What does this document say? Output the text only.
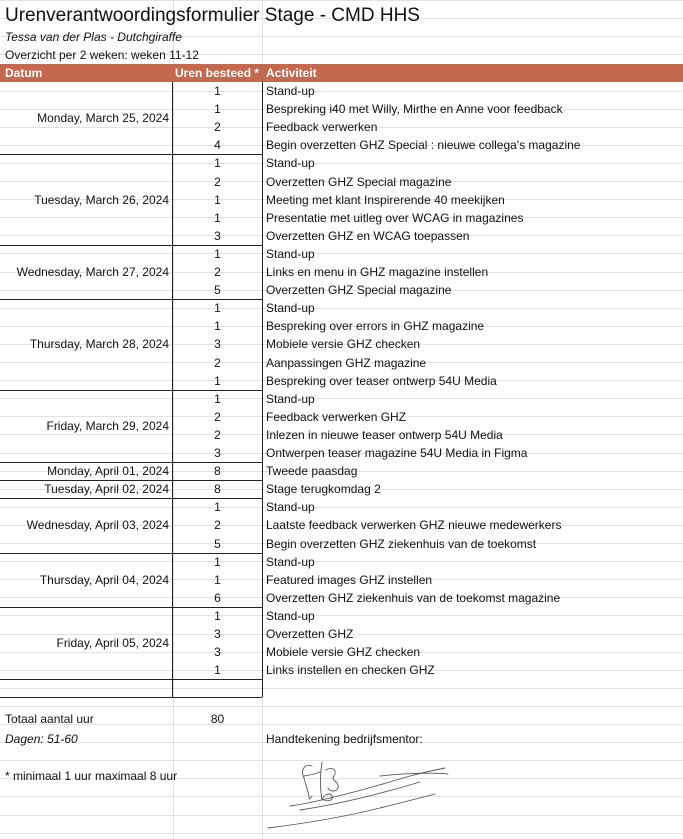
Urenverantwoordingsformulier Stage - CMD HHS
Tessa van der Plas - Dutchgiraffe
Overzicht per 2 weken: weken 11-12
Datum	Uren besteed * Activiteit
Monday, March 25, 2024
1	Stand-up
1	Bespreking i40 met Willy, Mirthe en Anne voor feedback
2	Feedback verwerken
4	Begin overzetten GHZ Special : nieuwe collega's magazine
Tuesday, March 26, 2024
1	Stand-up
2	Overzetten GHZ Special magazine
1	Meeting met klant Inspirerende 40 meekijken
1	Presentatie met uitleg over WCAG in magazines
3	Overzetten GHZ en WCAG toepassen
Wednesday, March 27, 2024
1	Stand-up
2	Links en menu in GHZ magazine instellen
5	Overzetten GHZ Special magazine
Thursday, March 28, 2024
1	Stand-up
1	Bespreking over errors in GHZ magazine
3	Mobiele versie GHZ checken
2	Aanpassingen GHZ magazine
1	Bespreking over teaser ontwerp 54U Media
Friday, March 29, 2024
1	Stand-up
2	Feedback verwerken GHZ
2	Inlezen in nieuwe teaser ontwerp 54U Media
3	Ontwerpen teaser magazine 54U Media in Figma
Monday, April 01, 2024	8	Tweede paasdag
Tuesday, April 02, 2024	8	Stage terugkomdag 2
Wednesday, April 03, 2024
1	Stand-up
2	Laatste feedback verwerken GHZ nieuwe medewerkers
5	Begin overzetten GHZ ziekenhuis van de toekomst
Thursday, April 04, 2024
1	Stand-up
1	Featured images GHZ instellen
6	Overzetten GHZ ziekenhuis van de toekomst magazine
Friday, April 05, 2024
1	Stand-up
3	Overzetten GHZ
3	Mobiele versie GHZ checken
1	Links instellen en checken GHZ
Totaal aantal uur	80
Dagen: 51-60	Handtekening bedrijfsmentor:
* minimaal 1 uur maximaal 8 uur
